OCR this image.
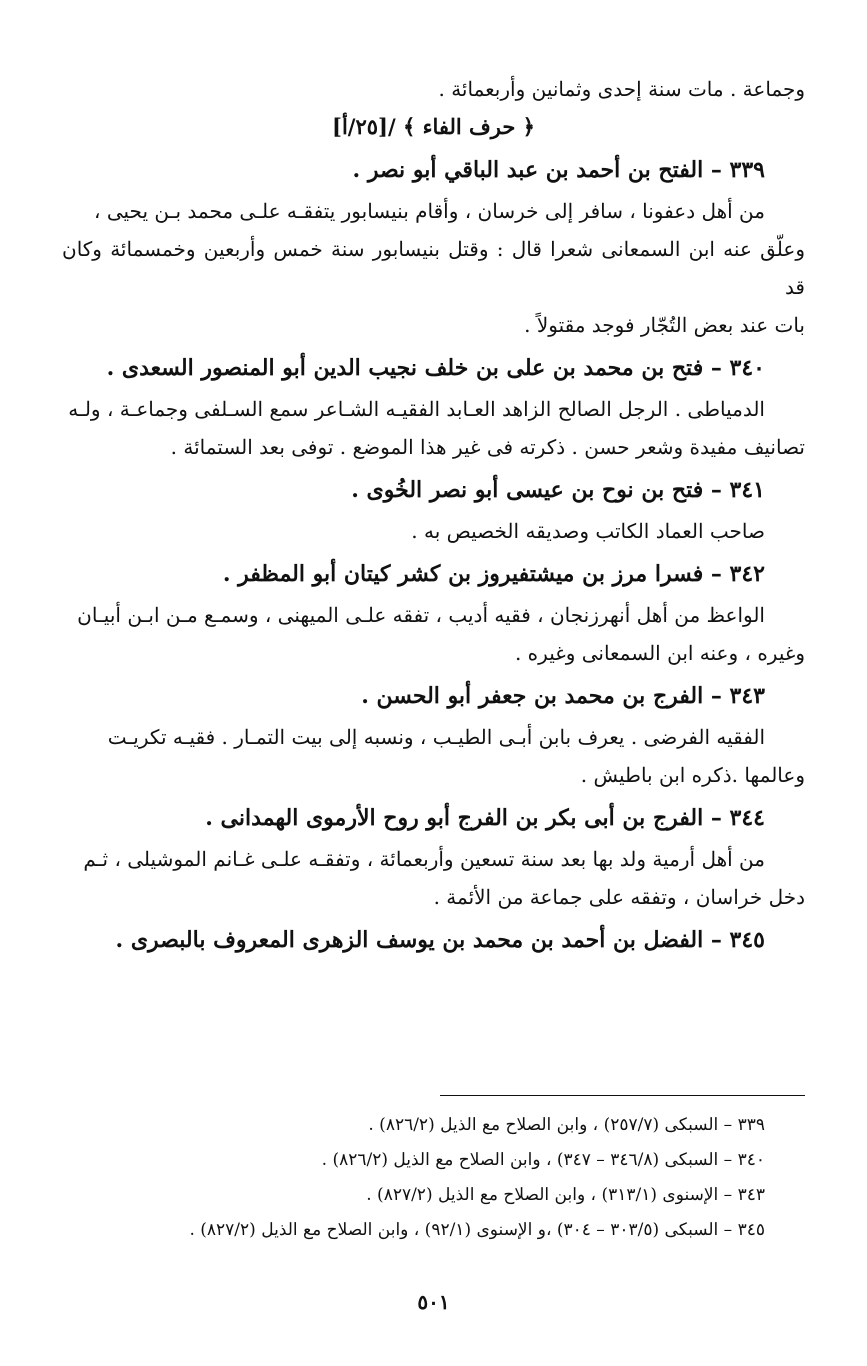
وجماعة . مات سنة إحدى وثمانين وأربعمائة .

﴿ حرف الفاء ﴾ /[٢٥/أ]

٣٣٩ – الفتح بن أحمد بن عبد الباقي أبو نصر .

من أهل دعفونا ، سافر إلى خرسان ، وأقام بنيسابور يتفقـه علـى محمد بـن يحيى ،

وعلّق عنه ابن السمعانى شعرا قال : وقتل بنيسابور سنة خمس وأربعين وخمسمائة وكان قد

بات عند بعض التُجّار فوجد مقتولاً .

٣٤٠ – فتح بن محمد بن على بن خلف نجيب الدين أبو المنصور السعدى .

الدمياطى . الرجل الصالح الزاهد العـابد الفقيـه الشـاعر سمع السـلفى وجماعـة ، ولـه

تصانيف مفيدة وشعر حسن . ذكرته فى غير هذا الموضع . توفى بعد الستمائة .

٣٤١ – فتح بن نوح بن عيسى أبو نصر الخُوى .

صاحب العماد الكاتب وصديقه الخصيص به .

٣٤٢ – فسرا مرز بن ميشتفيروز بن كشر كيتان أبو المظفر .

الواعظ من أهل أنهرزنجان ، فقيه أديب ، تفقه علـى الميهنى ، وسمـع مـن ابـن أبيـان

وغيره ، وعنه ابن السمعانى وغيره .

٣٤٣ – الفرج بن محمد بن جعفر أبو الحسن .

الفقيه الفرضى . يعرف بابن أبـى الطيـب ، ونسبه إلى بيت التمـار . فقيـه تكريـت

وعالمها .ذكره ابن باطيش .

٣٤٤ – الفرج بن أبى بكر بن الفرج أبو روح الأرموى الهمدانى .

من أهل أرمية ولد بها بعد سنة تسعين وأربعمائة ، وتفقـه علـى غـانم الموشيلى ، ثـم

دخل خراسان ، وتفقه على جماعة من الأئمة .

٣٤٥ – الفضل بن أحمد بن محمد بن يوسف الزهرى المعروف بالبصرى .

٣٣٩ – السبكى (٢٥٧/٧) ، وابن الصلاح مع الذيل (٨٢٦/٢) .

٣٤٠ – السبكى (٣٤٦/٨ – ٣٤٧) ، وابن الصلاح مع الذيل (٨٢٦/٢) .

٣٤٣ – الإسنوى (٣١٣/١) ، وابن الصلاح مع الذيل (٨٢٧/٢) .

٣٤٥ – السبكى (٣٠٣/٥ – ٣٠٤) ،و الإسنوى (٩٢/١) ، وابن الصلاح مع الذيل (٨٢٧/٢) .

٥٠١
